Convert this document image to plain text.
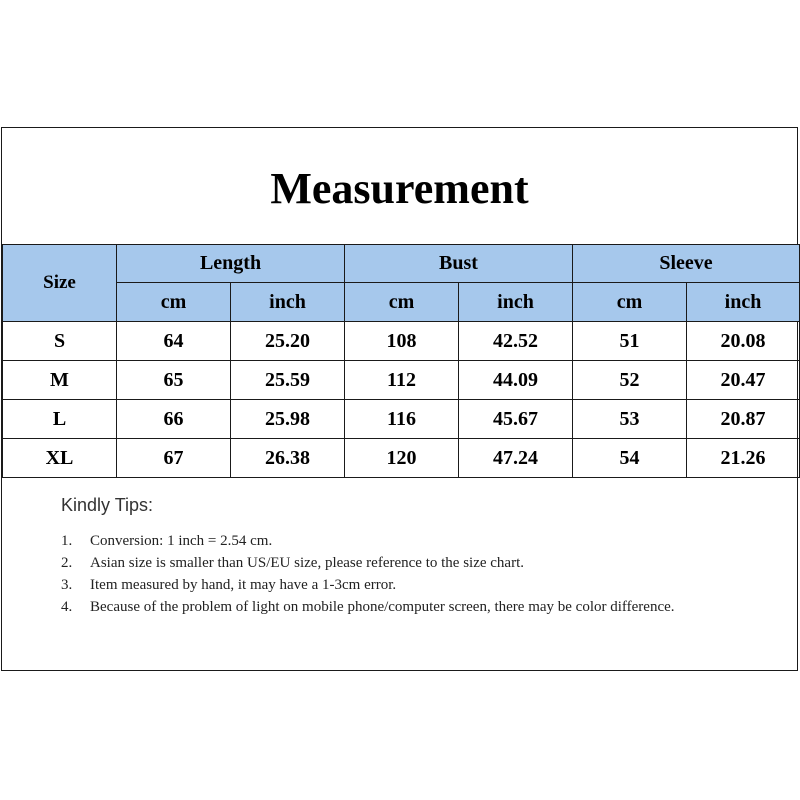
Measurement
Size	Length		Bust		Sleeve	
	cm	inch	cm	inch	cm	inch
S	64	25.20	108	42.52	51	20.08
M	65	25.59	112	44.09	52	20.47
L	66	25.98	116	45.67	53	20.87
XL	67	26.38	120	47.24	54	21.26
Kindly Tips:
1.	Conversion: 1 inch = 2.54 cm.
2.	Asian size is smaller than US/EU size, please reference to the size chart.
3.	Item measured by hand, it may have a 1-3cm error.
4.	Because of the problem of light on mobile phone/computer screen, there may be color difference.
